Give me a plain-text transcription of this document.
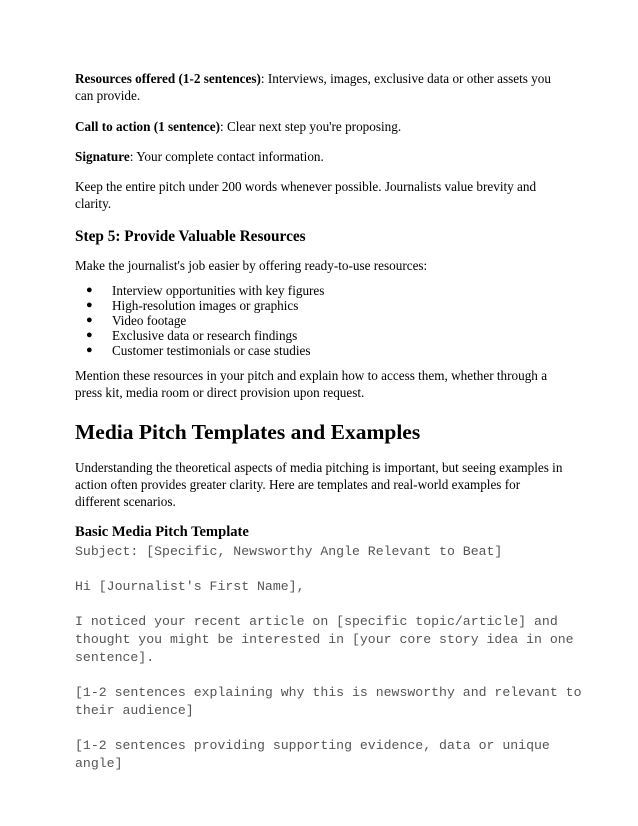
Resources offered (1-2 sentences): Interviews, images, exclusive data or other assets you can provide.

Call to action (1 sentence): Clear next step you're proposing.

Signature: Your complete contact information.

Keep the entire pitch under 200 words whenever possible. Journalists value brevity and clarity.

Step 5: Provide Valuable Resources

Make the journalist's job easier by offering ready-to-use resources:

● Interview opportunities with key figures
● High-resolution images or graphics
● Video footage
● Exclusive data or research findings
● Customer testimonials or case studies

Mention these resources in your pitch and explain how to access them, whether through a press kit, media room or direct provision upon request.

Media Pitch Templates and Examples

Understanding the theoretical aspects of media pitching is important, but seeing examples in action often provides greater clarity. Here are templates and real-world examples for different scenarios.

Basic Media Pitch Template

Subject: [Specific, Newsworthy Angle Relevant to Beat]

Hi [Journalist's First Name],

I noticed your recent article on [specific topic/article] and
thought you might be interested in [your core story idea in one
sentence].

[1-2 sentences explaining why this is newsworthy and relevant to
their audience]

[1-2 sentences providing supporting evidence, data or unique
angle]
